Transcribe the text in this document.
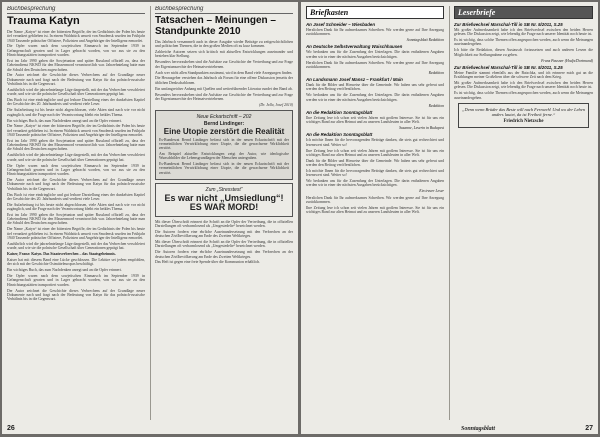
Buchbesprechung
Trauma Katyn

Der Name „Katyn“ ist einer der bittersten Begriffe, der im Gedächtnis der Polen bis heute tief verankert geblieben ist. In einem Waldstück unweit von Smolensk wurden im Frühjahr 1940 Tausende polnischer Offiziere, Polizisten und Angehöriger der Intelligenz ermordet.

Die Opfer waren nach dem sowjetischen Einmarsch im September 1939 in Gefangenschaft geraten und in Lager gebracht worden, von wo aus sie zu den Hinrichtungsstätten transportiert wurden.

Erst im Jahr 1990 gaben die Sowjetunion und später Russland offiziell zu, dass der Geheimdienst NKWD für den Massenmord verantwortlich war. Jahrzehntelang hatte man die Schuld den Deutschen zugeschoben.

Der Autor zeichnet die Geschichte dieses Verbrechens auf der Grundlage neuer Dokumente nach und fragt nach der Bedeutung von Katyn für das polnisch-russische Verhältnis bis in die Gegenwart.

Ausführlich wird die jahrzehntelange Lüge dargestellt, mit der das Verbrechen verschleiert wurde, und wie sie die polnische Gesellschaft über Generationen geprägt hat.

Das Buch ist eine eindringliche und gut lesbare Darstellung eines der dunkelsten Kapitel der Geschichte des 20. Jahrhunderts und verdient viele Leser.

Die Aufarbeitung ist bis heute nicht abgeschlossen, viele Akten sind nach wie vor nicht zugänglich, und die Frage nach der Verantwortung bleibt ein heikles Thema.

Ein wichtiges Buch, das zum Nachdenken anregt und an die Opfer erinnert.

Der Name „Katyn“ ist einer der bittersten Begriffe, der im Gedächtnis der Polen bis heute tief verankert geblieben ist. In einem Waldstück unweit von Smolensk wurden im Frühjahr 1940 Tausende polnischer Offiziere, Polizisten und Angehöriger der Intelligenz ermordet.

Erst im Jahr 1990 gaben die Sowjetunion und später Russland offiziell zu, dass der Geheimdienst NKWD für den Massenmord verantwortlich war. Jahrzehntelang hatte man die Schuld den Deutschen zugeschoben.

Ausführlich wird die jahrzehntelange Lüge dargestellt, mit der das Verbrechen verschleiert wurde, und wie sie die polnische Gesellschaft über Generationen geprägt hat.

Die Opfer waren nach dem sowjetischen Einmarsch im September 1939 in Gefangenschaft geraten und in Lager gebracht worden, von wo aus sie zu den Hinrichtungsstätten transportiert wurden.

Der Autor zeichnet die Geschichte dieses Verbrechens auf der Grundlage neuer Dokumente nach und fragt nach der Bedeutung von Katyn für das polnisch-russische Verhältnis bis in die Gegenwart.

Das Buch ist eine eindringliche und gut lesbare Darstellung eines der dunkelsten Kapitel der Geschichte des 20. Jahrhunderts und verdient viele Leser.

Die Aufarbeitung ist bis heute nicht abgeschlossen, viele Akten sind nach wie vor nicht zugänglich, und die Frage nach der Verantwortung bleibt ein heikles Thema.

Erst im Jahr 1990 gaben die Sowjetunion und später Russland offiziell zu, dass der Geheimdienst NKWD für den Massenmord verantwortlich war. Jahrzehntelang hatte man die Schuld den Deutschen zugeschoben.

Der Name „Katyn“ ist einer der bittersten Begriffe, der im Gedächtnis der Polen bis heute tief verankert geblieben ist. In einem Waldstück unweit von Smolensk wurden im Frühjahr 1940 Tausende polnischer Offiziere, Polizisten und Angehöriger der Intelligenz ermordet.

Ausführlich wird die jahrzehntelange Lüge dargestellt, mit der das Verbrechen verschleiert wurde, und wie sie die polnische Gesellschaft über Generationen geprägt hat.

Kaiser, Franz: Katyn. Das Staatsverbrechen – das Staatsgeheimnis.

Kaiser hat mit diesem Band eine Lücke geschlossen. Die Lektüre sei jedem empfohlen, der sich mit der Geschichte Ostmitteleuropas beschäftigt.

Ein wichtiges Buch, das zum Nachdenken anregt und an die Opfer erinnert.

Die Opfer waren nach dem sowjetischen Einmarsch im September 1939 in Gefangenschaft geraten und in Lager gebracht worden, von wo aus sie zu den Hinrichtungsstätten transportiert wurden.

Der Autor zeichnet die Geschichte dieses Verbrechens auf der Grundlage neuer Dokumente nach und fragt nach der Bedeutung von Katyn für das polnisch-russische Verhältnis bis in die Gegenwart.

Buchbesprechung
Tatsachen – Meinungen – Standpunkte 2010

Das Jahrbuch versammelt auch in dieser Ausgabe wieder Beiträge zu zeitgeschichtlichen und politischen Themen, die in den großen Medien oft zu kurz kommen.

Zahlreiche Autoren setzen sich kritisch mit aktuellen Entwicklungen auseinander und beziehen klar Stellung.

Besonders hervorzuheben sind die Aufsätze zur Geschichte der Vertreibung und zur Frage der Eigentumsrechte der Heimatvertriebenen.

Auch wer nicht allen Standpunkten zustimmt, wird in dem Band viele Anregungen finden.

Die Herausgeber verstehen das Jahrbuch als Forum für eine offene Diskussion jenseits der üblichen Denkschablonen.

Ein umfangreicher Anhang mit Quellen und weiterführender Literatur rundet den Band ab.

Besonders hervorzuheben sind die Aufsätze zur Geschichte der Vertreibung und zur Frage der Eigentumsrechte der Heimatvertriebenen.

(Dr. Jella, Josef 2010)

Neue Eckartschrift – 202
Bernd Lindinger:
Eine Utopie zerstört die Realität

Es-Bundesrat Bernd Lindinger befasst sich in der neuen Eckartschrift mit der vermeintlichen Verwirklichung einer Utopie, die die gewachsene Wirklichkeit zerstört.

Am Beispiel aktueller Entwicklungen zeigt der Autor, wie ideologische Wunschbilder die Lebensgrundlagen der Menschen untergraben.

Es-Bundesrat Bernd Lindinger befasst sich in der neuen Eckartschrift mit der vermeintlichen Verwirklichung einer Utopie, die die gewachsene Wirklichkeit zerstört.

Zum „Stresstest“
Es war nicht „Umsiedlung“! ES WAR MORD!

Mit dieser Überschrift erinnert die Schrift an die Opfer der Vertreibung, die in offiziellen Darstellungen oft verharmlosend als „Umgesiedelte“ bezeichnet werden.

Die Autoren fordern eine ehrliche Auseinandersetzung mit den Verbrechen an der deutschen Zivilbevölkerung am Ende des Zweiten Weltkrieges.

Mit dieser Überschrift erinnert die Schrift an die Opfer der Vertreibung, die in offiziellen Darstellungen oft verharmlosend als „Umgesiedelte“ bezeichnet werden.

Die Autoren fordern eine ehrliche Auseinandersetzung mit den Verbrechen an der deutschen Zivilbevölkerung am Ende des Zweiten Weltkrieges.

Das Heft ist gegen eine freie Spende über die Kommunion erhältlich.

26
Briefkasten
An Josef Schneider – Wiesbaden

Herzlichen Dank für Ihr aufmerksames Schreiben. Wir werden gerne auf Ihre Anregung zurückkommen.

Sonntagsblatt Redaktion

An Deutsche Selbstverwaltung Waischhausen

Wir bedanken uns für die Zusendung der Unterlagen. Die darin enthaltenen Angaben werden wir in einer der nächsten Ausgaben berücksichtigen.

Herzlichen Dank für Ihr aufmerksames Schreiben. Wir werden gerne auf Ihre Anregung zurückkommen.

Redaktion

An Landsmann Josef Mansz – Frankfurt / Main

Dank für die Bilder und Hinweise über die Gemeinde. Wir haben uns sehr gefreut und werden den Beitrag veröffentlichen.

Wir bedanken uns für die Zusendung der Unterlagen. Die darin enthaltenen Angaben werden wir in einer der nächsten Ausgaben berücksichtigen.

Redaktion

An die Redaktion Sonntagsblatt

Ihre Zeitung lese ich schon seit vielen Jahren mit großem Interesse. Sie ist für uns ein wichtiges Band zur alten Heimat und zu unseren Landsleuten in aller Welt.

Susanne, Leserin in Budapest

An die Redaktion Sonntagsblatt

Ich möchte Ihnen für die hervorragenden Beiträge danken, die stets gut recherchiert und lesenswert sind. Weiter so!

Ihre Zeitung lese ich schon seit vielen Jahren mit großem Interesse. Sie ist für uns ein wichtiges Band zur alten Heimat und zu unseren Landsleuten in aller Welt.

Dank für die Bilder und Hinweise über die Gemeinde. Wir haben uns sehr gefreut und werden den Beitrag veröffentlichen.

Ich möchte Ihnen für die hervorragenden Beiträge danken, die stets gut recherchiert und lesenswert sind. Weiter so!

Wir bedanken uns für die Zusendung der Unterlagen. Die darin enthaltenen Angaben werden wir in einer der nächsten Ausgaben berücksichtigen.

Ein treuer Leser

Herzlichen Dank für Ihr aufmerksames Schreiben. Wir werden gerne auf Ihre Anregung zurückkommen.

Ihre Zeitung lese ich schon seit vielen Jahren mit großem Interesse. Sie ist für uns ein wichtiges Band zur alten Heimat und zu unseren Landsleuten in aller Welt.

Leserbriefe
Zur Briefwechsel Marschal-Till in SB Nr. 5/2011, S.25

Mit großer Aufmerksamkeit habe ich den Briefwechsel zwischen den beiden Herren gelesen. Die Diskussion zeigt, wie lebendig die Frage nach unserer Identität noch heute ist.

Es ist wichtig, dass solche Themen offen angesprochen werden, auch wenn die Meinungen auseinandergehen.

Ich bitte die Redaktion, diesen Austausch fortzusetzen und auch anderen Lesern die Möglichkeit zur Stellungnahme zu geben.

Franz Pausner (Hodjs/Dortmund)

Zur Briefwechsel Marschal-Till in SB Nr. 5/2011, S.25

Meine Familie stammt ebenfalls aus der Batschka, und ich erinnere mich gut an die Erzählungen meiner Großeltern über die schwere Zeit nach dem Krieg.

Mit großer Aufmerksamkeit habe ich den Briefwechsel zwischen den beiden Herren gelesen. Die Diskussion zeigt, wie lebendig die Frage nach unserer Identität noch heute ist.

Es ist wichtig, dass solche Themen offen angesprochen werden, auch wenn die Meinungen auseinandergehen.

„Denn wenn Brüder das Beste will nach Fernweh! Und wo der Leben anders lautet, da ist Freiheit ferne.“
Friedrich Nietzsche
Sonntagsblatt	27
